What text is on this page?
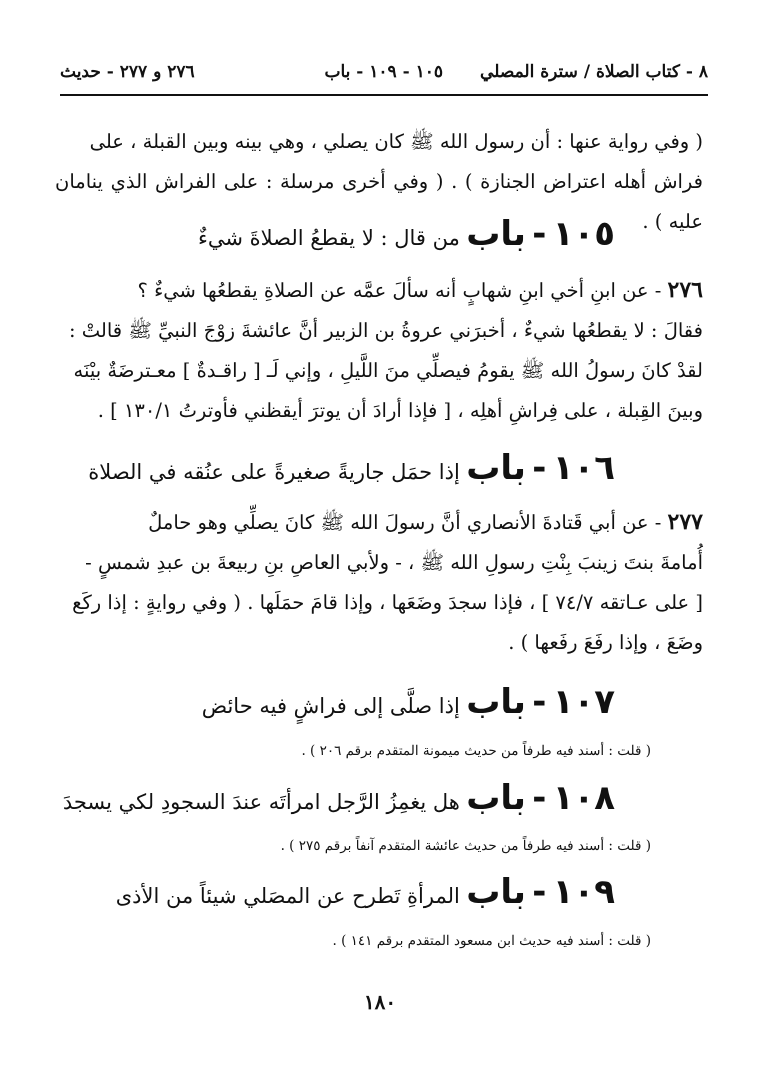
٨ - كتاب الصلاة / سترة المصلي
١٠٥ - ١٠٩ - باب
٢٧٦ و ٢٧٧ - حديث
( وفي رواية عنها : أن رسول الله ﷺ كان يصلي ، وهي بينه وبين القبلة ، على
فراش أهله اعتراض الجنازة ) . ( وفي أخرى مرسلة : على الفراش الذي ينامان عليه ) .
١٠٥ - باب من قال : لا يقطعُ الصلاةَ شيءٌ
٢٧٦ - عن ابنِ أخي ابنِ شهابٍ أنه سألَ عمَّه عن الصلاةِ يقطعُها شيءٌ ؟
فقالَ : لا يقطعُها شيءٌ ، أخبرَني عروةُ بن الزبير أنَّ عائشةَ زوْجَ النبيِّ ﷺ قالتْ :
لقدْ كانَ رسولُ الله ﷺ يقومُ فيصلِّي منَ اللَّيلِ ، وإني لَـ [ راقـدةٌ ] معـترضَةٌ بيْنَه
وبينَ القِبلة ، على فِراشِ أهلِه ، [ فإذا أرادَ أن يوترَ أيقظني فأوترتُ ١٣٠/١ ] .
١٠٦ - باب إذا حمَل جاريةً صغيرةً على عنُقه في الصلاة
٢٧٧ - عن أبي قَتادةَ الأنصاري أنَّ رسولَ الله ﷺ كانَ يصلِّي وهو حاملٌ
أُمامةَ بنتَ زينبَ بِنْتِ رسولِ الله ﷺ ، - ولأبي العاصِ بنِ ربيعةَ بن عبدِ شمسٍ -
[ على عـاتقه ٧٤/٧ ] ، فإذا سجدَ وضَعَها ، وإذا قامَ حمَلَها . ( وفي روايةٍ : إذا ركَع
وضَعَ ، وإذا رفَعَ رفَعها ) .
١٠٧ - باب إذا صلَّى إلى فراشٍ فيه حائض
( قلت : أسند فيه طرفاً من حديث ميمونة المتقدم برقم ٢٠٦ ) .
١٠٨ - باب هل يغمِزُ الرَّجل امرأتَه عندَ السجودِ لكي يسجدَ
( قلت : أسند فيه طرفاً من حديث عائشة المتقدم آنفاً برقم ٢٧٥ ) .
١٠٩ - باب المرأةِ تَطرح عن المصَلي شيئاً من الأذى
( قلت : أسند فيه حديث ابن مسعود المتقدم برقم ١٤١ ) .
١٨٠
